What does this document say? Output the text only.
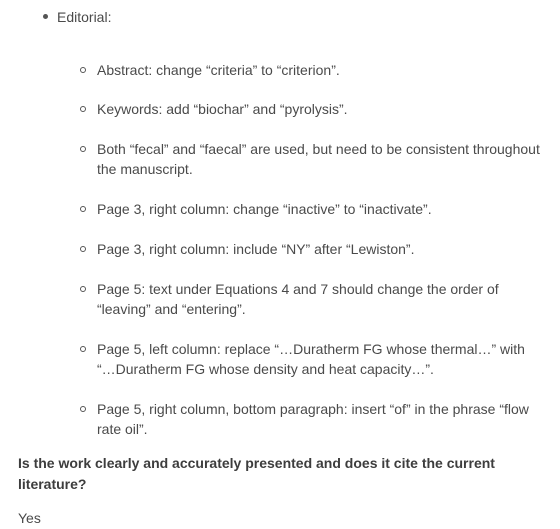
Editorial:
Abstract: change “criteria” to “criterion”.
Keywords: add “biochar” and “pyrolysis”.
Both “fecal” and “faecal” are used, but need to be consistent throughout the manuscript.
Page 3, right column: change “inactive” to “inactivate”.
Page 3, right column: include “NY” after “Lewiston”.
Page 5: text under Equations 4 and 7 should change the order of “leaving” and “entering”.
Page 5, left column: replace “…Duratherm FG whose thermal…” with “…Duratherm FG whose density and heat capacity…”.
Page 5, right column, bottom paragraph: insert “of” in the phrase “flow rate oil”.
Is the work clearly and accurately presented and does it cite the current literature?
Yes
